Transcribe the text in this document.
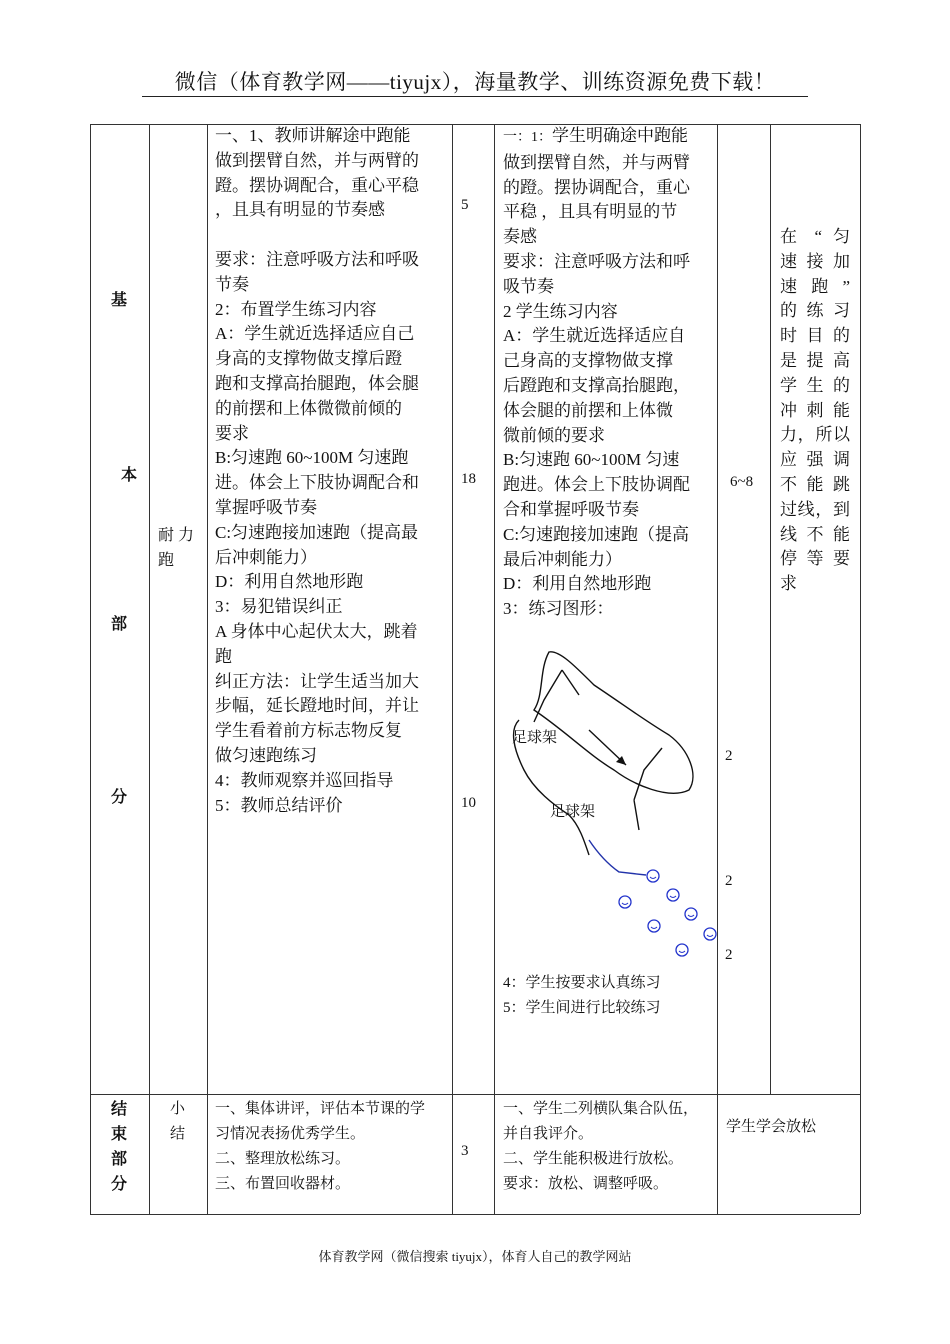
微信（体育教学网——tiyujx），海量教学、训练资源免费下载！
体育教学网（微信搜索 tiyujx），体育人自己的教学网站
基
本
部
分
耐 力
跑
一、1、教师讲解途中跑能
做到摆臂自然，并与两臂的
蹬。摆协调配合，重心平稳
，且具有明显的节奏感
要求：注意呼吸方法和呼吸
节奏
2：布置学生练习内容
A：学生就近选择适应自己
身高的支撑物做支撑后蹬
跑和支撑高抬腿跑，体会腿
的前摆和上体微微前倾的
要求
B:匀速跑 60~100M 匀速跑
进。体会上下肢协调配合和
掌握呼吸节奏
C:匀速跑接加速跑（提高最
后冲刺能力）
D：利用自然地形跑
3：易犯错误纠正
A 身体中心起伏太大，跳着
跑
纠正方法：让学生适当加大
步幅，延长蹬地时间，并让
学生看着前方标志物反复
做匀速跑练习
4：教师观察并巡回指导
5：教师总结评价
5
18
10
一：1：学生明确途中跑能
做到摆臂自然，并与两臂
的蹬。摆协调配合，重心
平稳 ，且具有明显的节
奏感
要求：注意呼吸方法和呼
吸节奏
2 学生练习内容
A：学生就近选择适应自
己身高的支撑物做支撑
后蹬跑和支撑高抬腿跑，
体会腿的前摆和上体微
微前倾的要求
B:匀速跑 60~100M 匀速
跑进。体会上下肢协调配
合和掌握呼吸节奏
C:匀速跑接加速跑（提高
最后冲刺能力）
D：利用自然地形跑
3：练习图形：
足球架
足球架
4：学生按要求认真练习
5：学生间进行比较练习
6~8
2
2
2
在 “ 匀
速 接 加
速 跑 ”
的 练 习
时 目 的
是 提 高
学 生 的
冲 刺 能
力，所以
应 强 调
不 能 跳
过线，到
线 不 能
停 等 要
求
结
束
部
分
小
结
一、集体讲评，评估本节课的学
习情况表扬优秀学生。
二、整理放松练习。
三、布置回收器材。
3
一、学生二列横队集合队伍，
并自我评介。
二、学生能积极进行放松。
要求：放松、调整呼吸。
学生学会放松
